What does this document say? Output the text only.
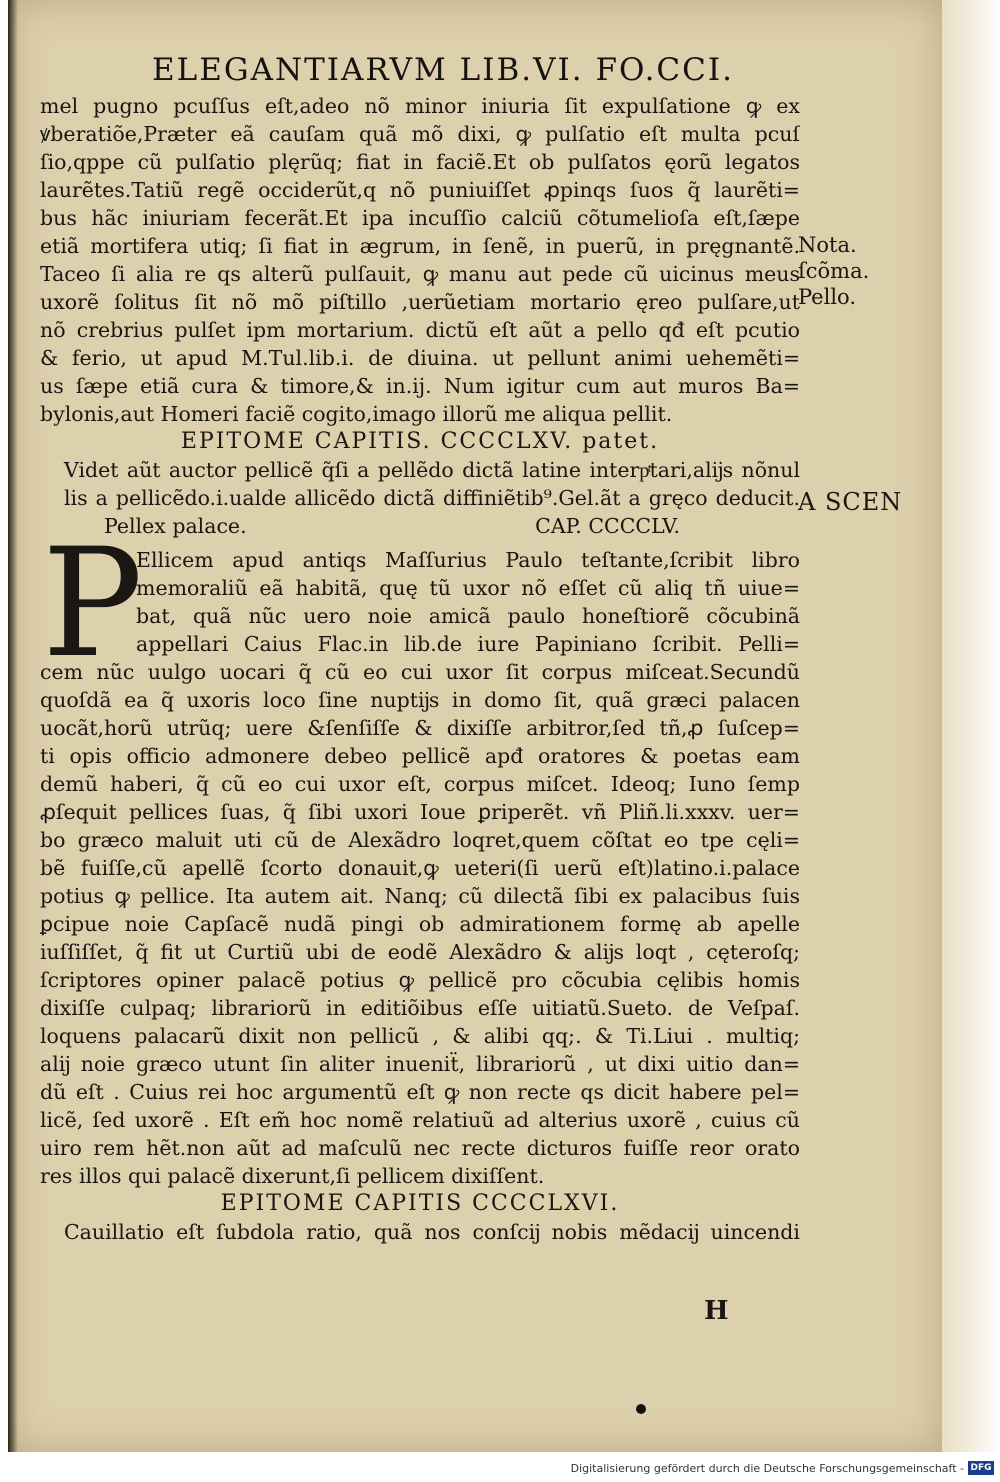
ELEGANTIARVM LIB.VI. FO.CCI.
mel pugno pcuſſus eſt,adeo nõ minor iniuria ſit expulſatione ꝙ ex
ꝟberatiõe,Præter eã cauſam quã mõ dixi, ꝙ pulſatio eſt multa pcuſ
ſio,qppe cũ pulſatio plęrũq; fiat in faciẽ.Et ob pulſatos ęorũ legatos
laurẽtes.Tatiũ regẽ occiderũt,q nõ puniuiſſet ꝓpinqs ſuos q̃ laurẽti=
bus hãc iniuriam fecerãt.Et ipa incuſſio calciũ cõtumelioſa eſt,ſæpe
etiã mortifera utiq; ſi fiat in ægrum, in ſenẽ, in puerũ, in pręgnantẽ.
Taceo ſi alia re qs alterũ pulſauit, ꝙ manu aut pede cũ uicinus meus
uxorẽ ſolitus ſit nõ mõ piſtillo ,uerũetiam mortario ęreo pulſare,ut
nõ crebrius pulſet ipm mortarium. dictũ eſt aũt a pello qđ eſt pcutio
& ferio, ut apud M.Tul.lib.i. de diuina. ut pellunt animi uehemẽti=
us ſæpe etiã cura & timore,& in.ij. Num igitur cum aut muros Ba=
bylonis,aut Homeri faciẽ cogito,imago illorũ me aliqua pellit.
EPITOME CAPITIS. CCCCLXV. patet.
Videt aũt auctor pellicẽ q̃ſi a pellẽdo dictã latine interpͭtari,alĳs nõnul
lis a pellicẽdo.i.ualde allicẽdo dictã diffiniẽtib⁹.Gel.ãt a gręco deducit.
Pellex palace.	CAP. CCCCLV.
P
Ellicem apud antiqs Maſſurius Paulo teſtante,ſcribit libro
memoraliũ eã habitã, quę tũ uxor nõ eſſet cũ aliq tñ uiue=
bat, quã nũc uero noie amicã paulo honeſtiorẽ cõcubinã
appellari Caius Flac.in lib.de iure Papiniano ſcribit. Pelli=
cem nũc uulgo uocari q̃ cũ eo cui uxor ſit corpus miſceat.Secundũ
quoſdã ea q̃ uxoris loco ſine nuptĳs in domo ſit, quã græci palacen
uocãt,horũ utrũq; uere &ſenſiſſe & dixiſſe arbitror,ſed tñ,ꝓ ſuſcep=
ti opis officio admonere debeo pellicẽ apđ oratores & poetas eam
demũ haberi, q̃ cũ eo cui uxor eſt, corpus miſcet. Ideoq; Iuno ſemp
ꝓſequit pellices ſuas, q̃ ſibi uxori Ioue ꝑriperẽt. vñ Pliñ.li.xxxv. uer=
bo græco maluit uti cũ de Alexãdro loqret,quem cõſtat eo tpe cęli=
bẽ fuiſſe,cũ apellẽ ſcorto donauit,ꝙ ueteri(ſi uerũ eſt)latino.i.palace
potius ꝙ pellice. Ita autem ait. Nanq; cũ dilectã ſibi ex palacibus ſuis
ꝑcipue noie Capſacẽ nudã pingi ob admirationem formę ab apelle
iuſſiſſet, q̃ fit ut Curtiũ ubi de eodẽ Alexãdro & alĳs loqt , cęteroſq;
ſcriptores opiner palacẽ potius ꝙ pellicẽ pro cõcubia cęlibis homis
dixiſſe culpaq; librariorũ in editiõibus eſſe uitiatũ.Sueto. de Veſpaſ.
loquens palacarũ dixit non pellicũ , & alibi qq;. & Ti.Liui . multiq;
alĳ noie græco utunt ſin aliter inueniẗ, librariorũ , ut dixi uitio dan=
dũ eſt . Cuius rei hoc argumentũ eſt ꝙ non recte qs dicit habere pel=
licẽ, ſed uxorẽ . Eſt em̃ hoc nomẽ relatiuũ ad alterius uxorẽ , cuius cũ
uiro rem hẽt.non aũt ad maſculũ nec recte dicturos fuiſſe reor orato
res illos qui palacẽ dixerunt,ſi pellicem dixiſſent.
EPITOME CAPITIS CCCCLXVI.
Cauillatio eſt ſubdola ratio, quã nos conſcĳ nobis mẽdacĳ uincendi
Nota.
ſcõma.
Pello.
A SCEN
H
Digitalisierung gefördert durch die Deutsche Forschungsgemeinschaft - DFG
